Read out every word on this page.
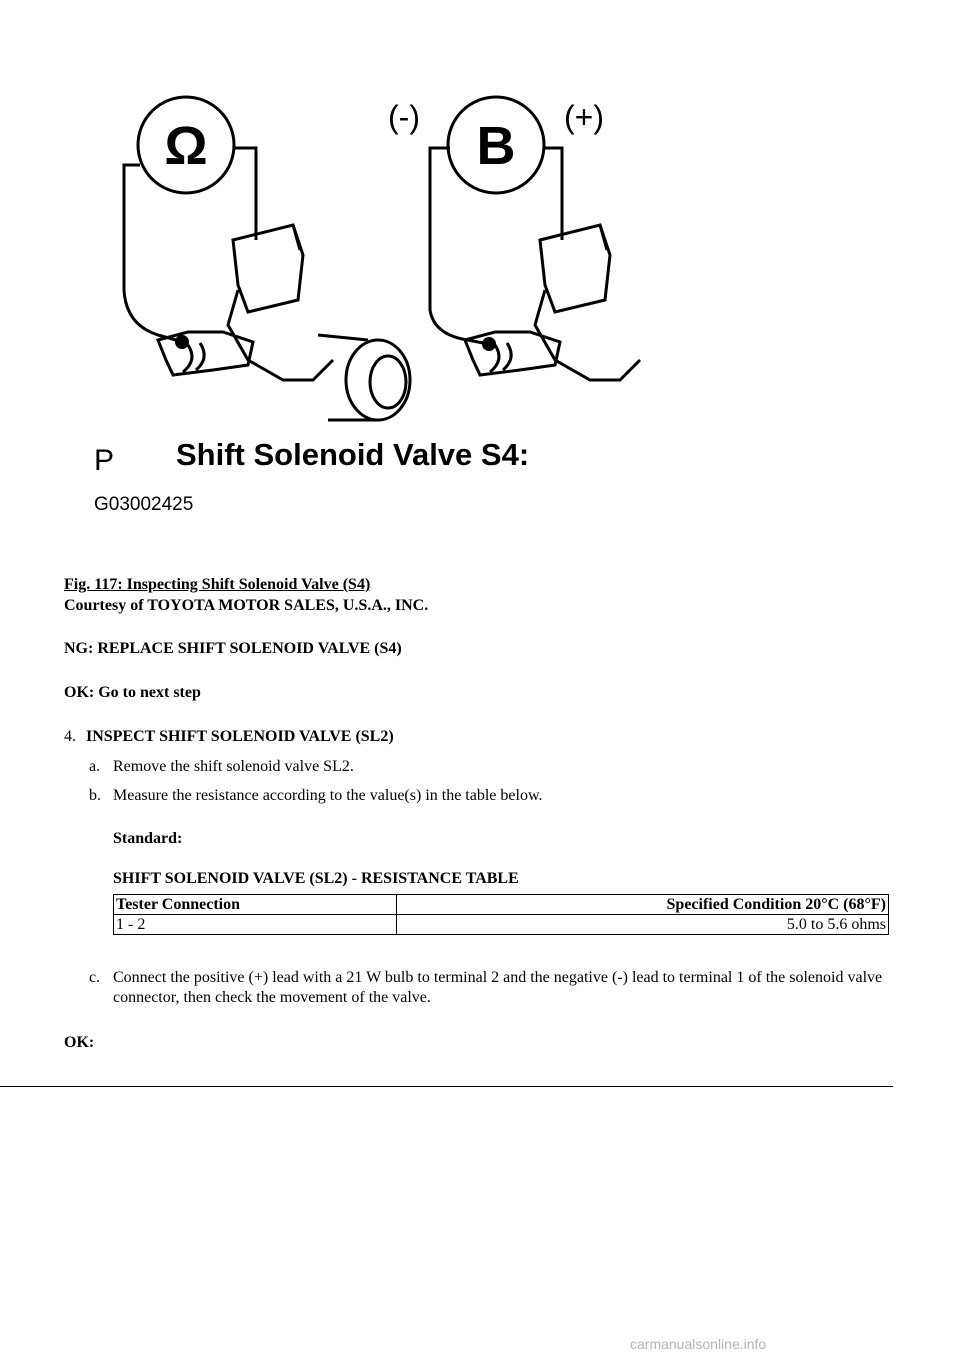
Ω	B
(-)	(+)
P Shift Solenoid Valve S4:
G03002425
Fig. 117: Inspecting Shift Solenoid Valve (S4)
Courtesy of TOYOTA MOTOR SALES, U.S.A., INC.
NG: REPLACE SHIFT SOLENOID VALVE (S4)
OK: Go to next step
4. INSPECT SHIFT SOLENOID VALVE (SL2)
a. Remove the shift solenoid valve SL2.
b. Measure the resistance according to the value(s) in the table below.
Standard:
SHIFT SOLENOID VALVE (SL2) - RESISTANCE TABLE
Tester Connection	Specified Condition 20°C (68°F)
1 - 2	5.0 to 5.6 ohms
c. Connect the positive (+) lead with a 21 W bulb to terminal 2 and the negative (-) lead to terminal 1 of the solenoid valve connector, then check the movement of the valve.
OK:
carmanualsonline.info
